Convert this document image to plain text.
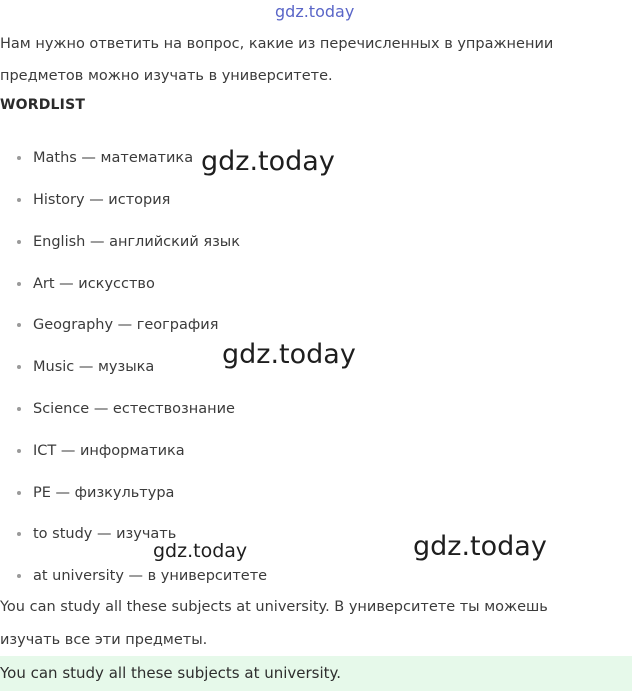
gdz.today
Нам нужно ответить на вопрос, какие из перечисленных в упражнении
предметов можно изучать в университете.
WORDLIST
Maths — математика
History — история
English — английский язык
Art — искусство
Geography — география
Music — музыка
Science — естествознание
ICT — информатика
PE — физкультура
to study — изучать
at university — в университете
gdz.today
gdz.today
gdz.today	gdz.today
You can study all these subjects at university. В университете ты можешь
изучать все эти предметы.
You can study all these subjects at university.
